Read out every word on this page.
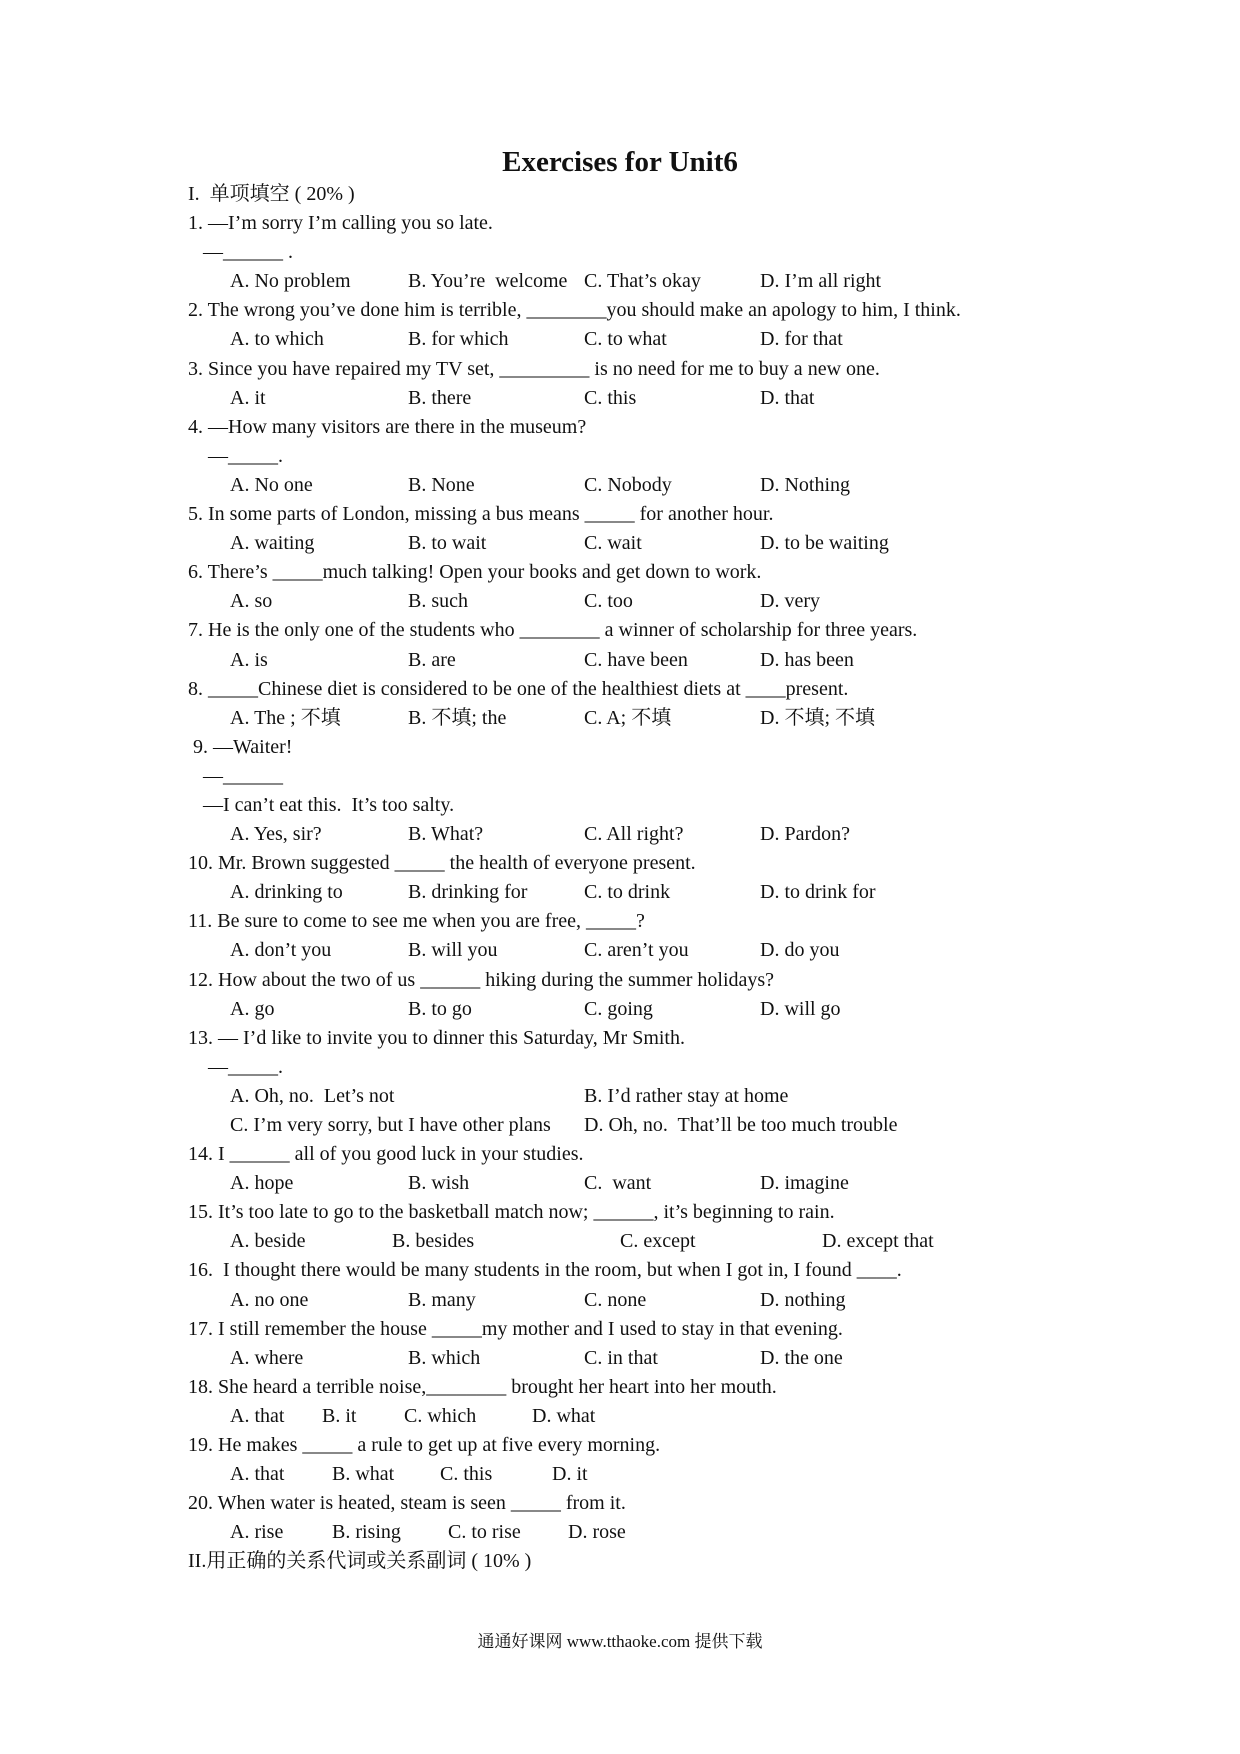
Exercises for Unit6
I.  单项填空 ( 20% )
1. —I’m sorry I’m calling you so late.
—______ .

A. No problem

	B. You’re  welcome

C. That’s okay

	D. I’m all right

2. The wrong you’ve done him is terrible, ________you should make an apology to him, I think.

A. to which

	B. for which

	C. to what

	D. for that

3. Since you have repaired my TV set, _________ is no need for me to buy a new one.

A. it

	B. there

	C. this

	D. that

4. —How many visitors are there in the museum?
—_____.

A. No one

	B. None

	C. Nobody

	D. Nothing

5. In some parts of London, missing a bus means _____ for another hour.

A. waiting

	B. to wait

	C. wait

	D. to be waiting

6. There’s _____much talking! Open your books and get down to work.

A. so

	B. such

	C. too

	D. very

7. He is the only one of the students who ________ a winner of scholarship for three years.

A. is

	B. are

	C. have been

	D. has been

8. _____Chinese diet is considered to be one of the healthiest diets at ____present.

A. The ; 不填

	B. 不填; the

	C. A; 不填

	D. 不填; 不填

9. —Waiter!
—______
—I can’t eat this.  It’s too salty.

A. Yes, sir?

	B. What?

	C. All right?

	D. Pardon?

10. Mr. Brown suggested _____ the health of everyone present.

A. drinking to

	B. drinking for

	C. to drink

	D. to drink for

11. Be sure to come to see me when you are free, _____?

A. don’t you

	B. will you

	C. aren’t you

	D. do you

12. How about the two of us ______ hiking during the summer holidays?

A. go

	B. to go

	C. going

	D. will go

13. — I’d like to invite you to dinner this Saturday, Mr Smith.
—_____.

A. Oh, no.  Let’s not

	B. I’d rather stay at home

C. I’m very sorry, but I have other plans

D. Oh, no.  That’ll be too much trouble

14. I ______ all of you good luck in your studies.

A. hope

	B. wish

	C.  want

	D. imagine

15. It’s too late to go to the basketball match now; ______, it’s beginning to rain.

A. beside

	B. besides

	C. except

	D. except that

16.  I thought there would be many students in the room, but when I got in, I found ____.

A. no one

	B. many

	C. none

	D. nothing

17. I still remember the house _____my mother and I used to stay in that evening.

A. where

	B. which

	C. in that

	D. the one

18. She heard a terrible noise,________ brought her heart into her mouth.

A. that

B. it

C. which

	D. what

19. He makes _____ a rule to get up at five every morning.

A. that

B. what

C. this

	D. it

20. When water is heated, steam is seen _____ from it.

A. rise

B. rising

C. to rise

D. rose

II.用正确的关系代词或关系副词 ( 10% )
通通好课网 www.tthaoke.com 提供下载
